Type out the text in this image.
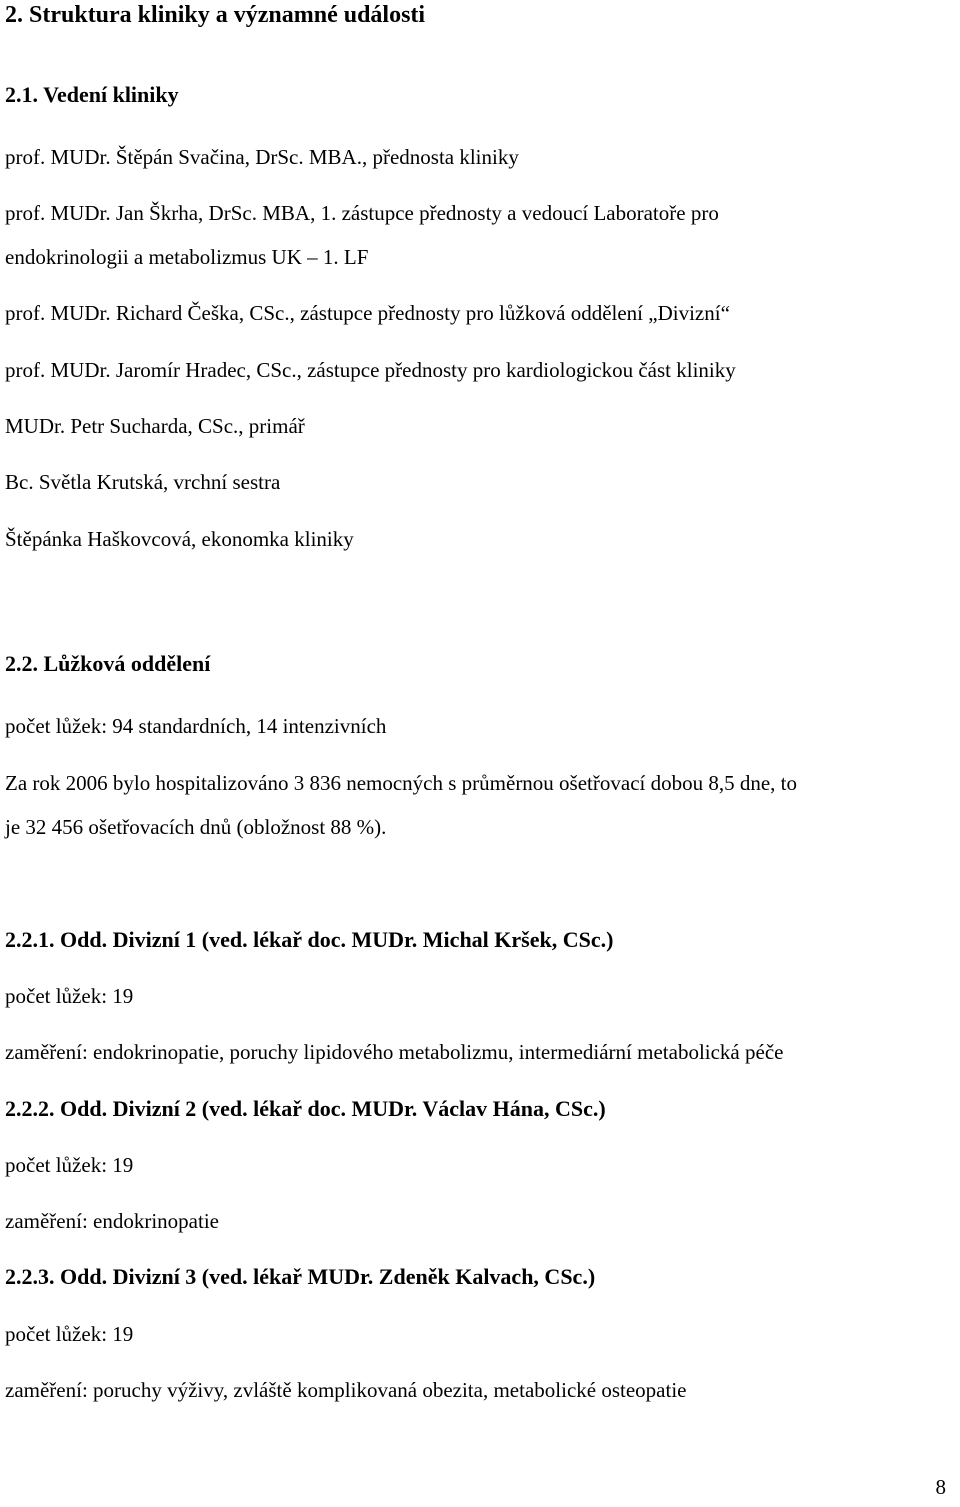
2. Struktura kliniky a významné události
2.1. Vedení kliniky
prof. MUDr. Štěpán Svačina, DrSc. MBA., přednosta kliniky
prof. MUDr. Jan Škrha, DrSc. MBA, 1. zástupce přednosty a vedoucí Laboratoře pro
endokrinologii a metabolizmus UK – 1. LF
prof. MUDr. Richard Češka, CSc., zástupce přednosty pro lůžková oddělení „Divizní“
prof. MUDr. Jaromír Hradec, CSc., zástupce přednosty pro kardiologickou část kliniky
MUDr. Petr Sucharda, CSc., primář
Bc. Světla Krutská, vrchní sestra
Štěpánka Haškovcová, ekonomka kliniky
2.2. Lůžková oddělení
počet lůžek: 94 standardních, 14 intenzivních
Za rok 2006 bylo hospitalizováno 3 836 nemocných s průměrnou ošetřovací dobou 8,5 dne, to
je 32 456 ošetřovacích dnů (obložnost 88 %).
2.2.1. Odd. Divizní 1 (ved. lékař doc. MUDr. Michal Kršek, CSc.)
počet lůžek: 19
zaměření: endokrinopatie, poruchy lipidového metabolizmu, intermediární metabolická péče
2.2.2. Odd. Divizní 2 (ved. lékař doc. MUDr. Václav Hána, CSc.)
počet lůžek: 19
zaměření: endokrinopatie
2.2.3. Odd. Divizní 3 (ved. lékař MUDr. Zdeněk Kalvach, CSc.)
počet lůžek: 19
zaměření: poruchy výživy, zvláště komplikovaná obezita, metabolické osteopatie
8
